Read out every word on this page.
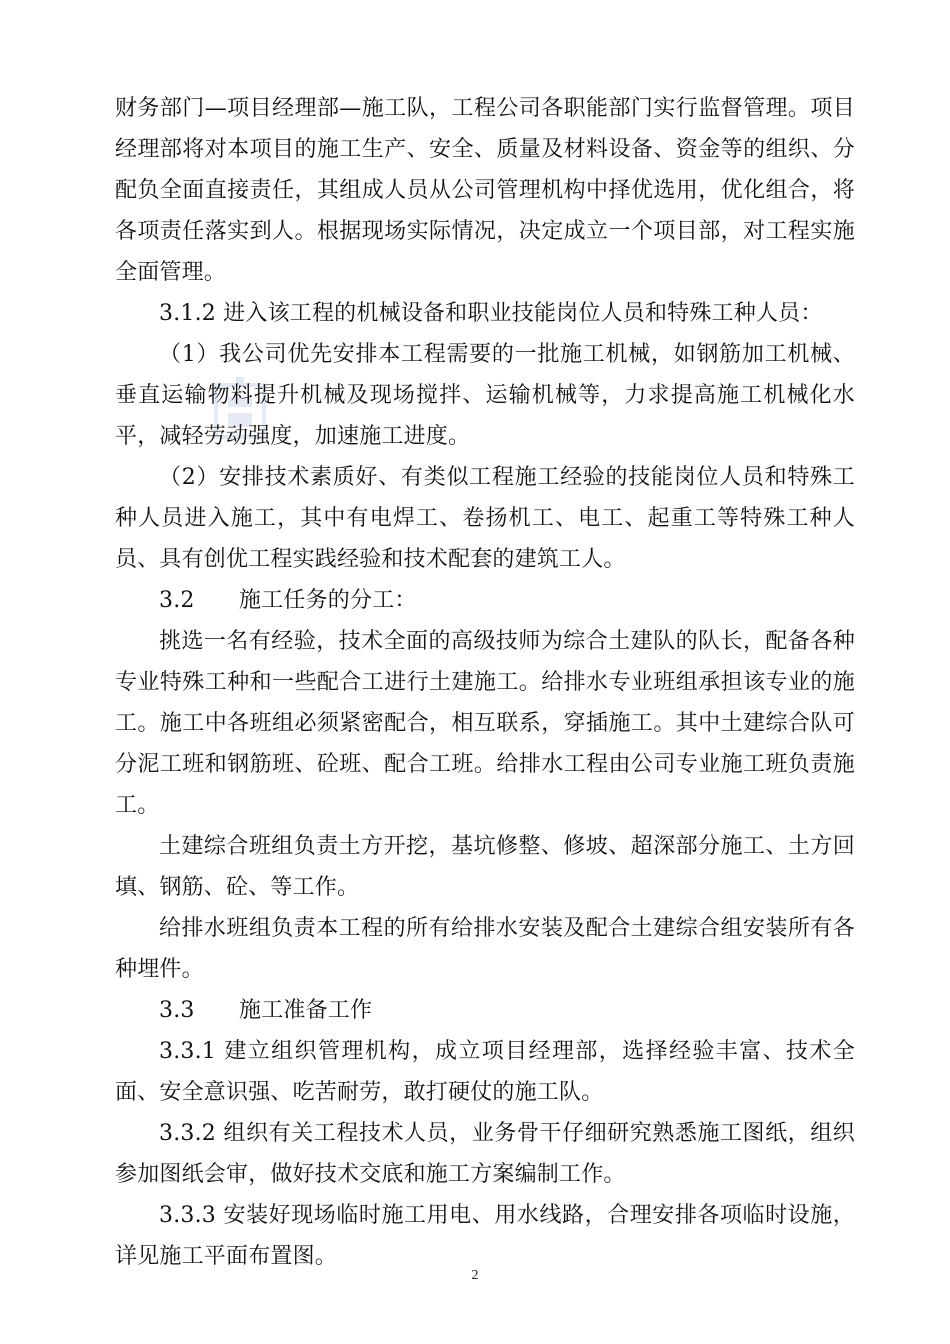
财务部门—项目经理部—施工队，工程公司各职能部门实行监督管理。项目经理部将对本项目的施工生产、安全、质量及材料设备、资金等的组织、分配负全面直接责任，其组成人员从公司管理机构中择优选用，优化组合，将各项责任落实到人。根据现场实际情况，决定成立一个项目部，对工程实施全面管理。

3.1.2 进入该工程的机械设备和职业技能岗位人员和特殊工种人员：

（1）我公司优先安排本工程需要的一批施工机械，如钢筋加工机械、垂直运输物料提升机械及现场搅拌、运输机械等，力求提高施工机械化水平，减轻劳动强度，加速施工进度。

（2）安排技术素质好、有类似工程施工经验的技能岗位人员和特殊工种人员进入施工，其中有电焊工、卷扬机工、电工、起重工等特殊工种人员、具有创优工程实践经验和技术配套的建筑工人。

3.2　　施工任务的分工：

挑选一名有经验，技术全面的高级技师为综合土建队的队长，配备各种专业特殊工种和一些配合工进行土建施工。给排水专业班组承担该专业的施工。施工中各班组必须紧密配合，相互联系，穿插施工。其中土建综合队可分泥工班和钢筋班、砼班、配合工班。给排水工程由公司专业施工班负责施工。

土建综合班组负责土方开挖，基坑修整、修坡、超深部分施工、土方回填、钢筋、砼、等工作。

给排水班组负责本工程的所有给排水安装及配合土建综合组安装所有各种埋件。

3.3　　施工准备工作

3.3.1 建立组织管理机构，成立项目经理部，选择经验丰富、技术全面、安全意识强、吃苦耐劳，敢打硬仗的施工队。

3.3.2 组织有关工程技术人员，业务骨干仔细研究熟悉施工图纸，组织参加图纸会审，做好技术交底和施工方案编制工作。

3.3.3 安装好现场临时施工用电、用水线路，合理安排各项临时设施，详见施工平面布置图。

2
